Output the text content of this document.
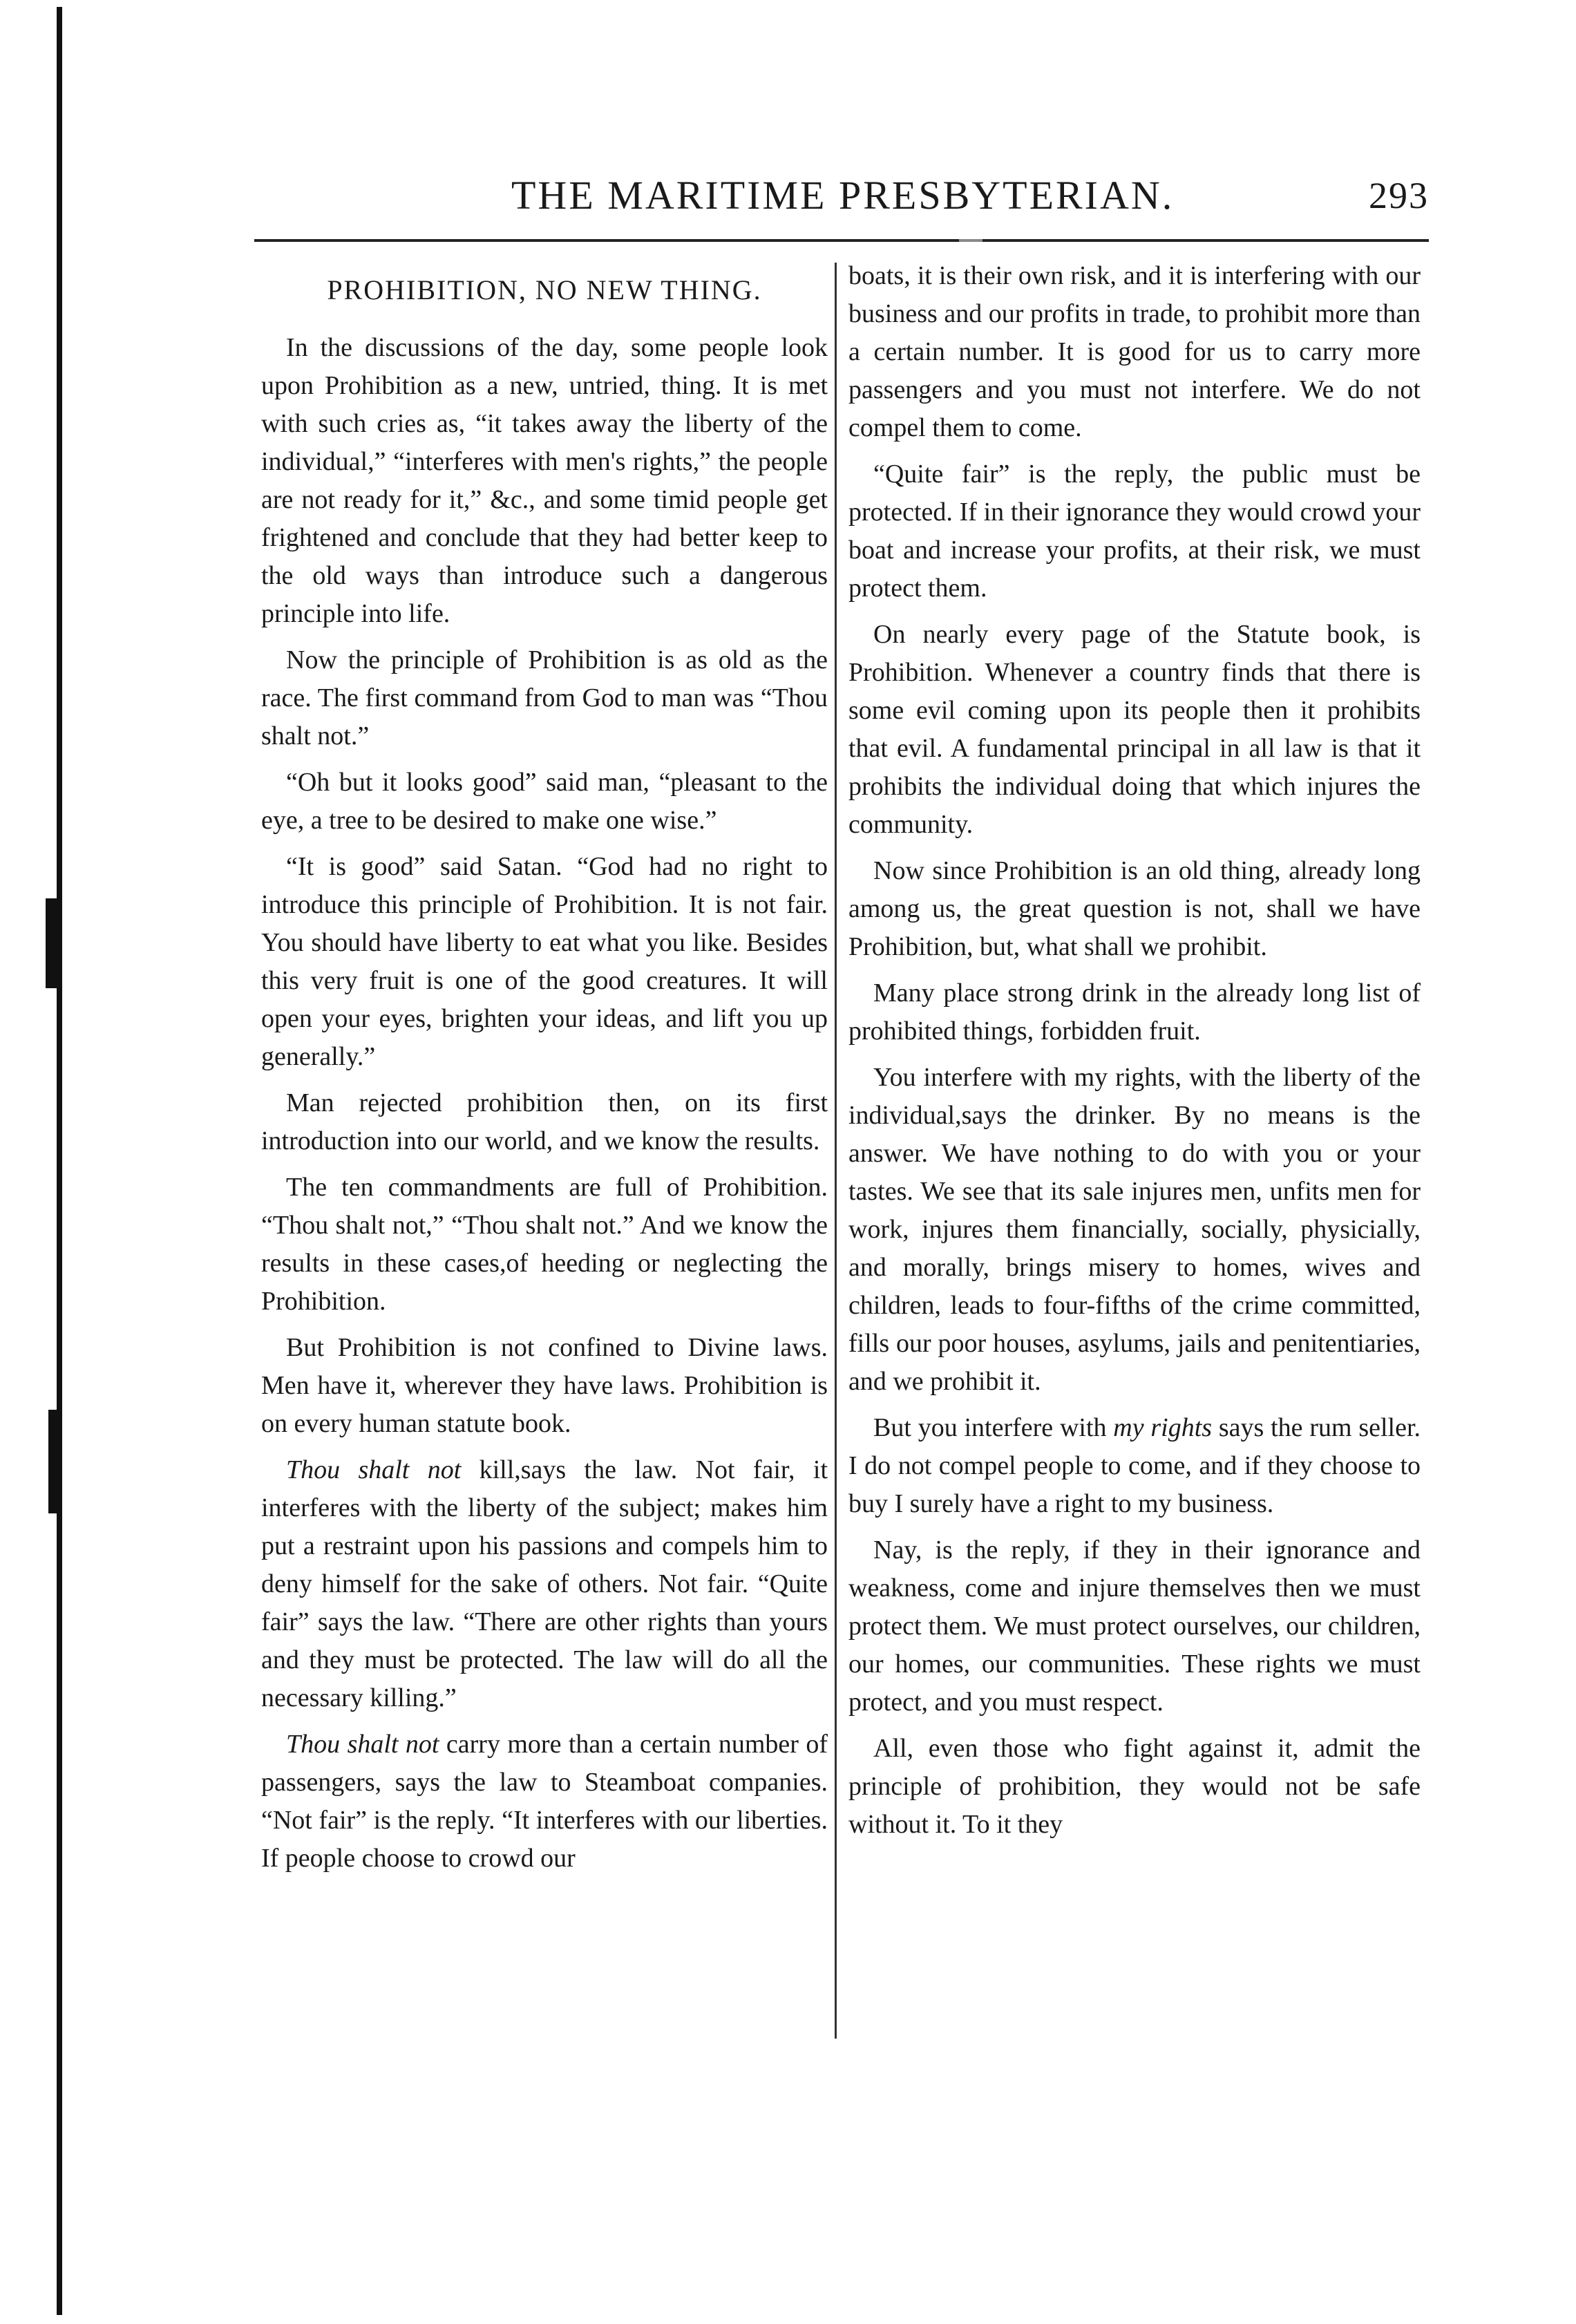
THE MARITIME PRESBYTERIAN.	293
PROHIBITION, NO NEW THING.

In the discussions of the day, some people look upon Prohibition as a new, untried, thing. It is met with such cries as, “it takes away the liberty of the individual,” “interferes with men's rights,” the people are not ready for it,” &c., and some timid people get frightened and conclude that they had better keep to the old ways than introduce such a dangerous principle into life.

Now the principle of Prohibition is as old as the race. The first command from God to man was “Thou shalt not.”

“Oh but it looks good” said man, “pleasant to the eye, a tree to be desired to make one wise.”

“It is good” said Satan. “God had no right to introduce this principle of Prohibition. It is not fair. You should have liberty to eat what you like. Besides this very fruit is one of the good creatures. It will open your eyes, brighten your ideas, and lift you up generally.”

Man rejected prohibition then, on its first introduction into our world, and we know the results.

The ten commandments are full of Prohibition. “Thou shalt not,” “Thou shalt not.” And we know the results in these cases,of heeding or neglecting the Prohibition.

But Prohibition is not confined to Divine laws. Men have it, wherever they have laws. Prohibition is on every human statute book.

Thou shalt not kill,says the law. Not fair, it interferes with the liberty of the subject; makes him put a restraint upon his passions and compels him to deny himself for the sake of others. Not fair. “Quite fair” says the law. “There are other rights than yours and they must be protected. The law will do all the necessary killing.”

Thou shalt not carry more than a certain number of passengers, says the law to Steamboat companies. “Not fair” is the reply. “It interferes with our liberties. If people choose to crowd our

boats, it is their own risk, and it is interfering with our business and our profits in trade, to prohibit more than a certain number. It is good for us to carry more passengers and you must not interfere. We do not compel them to come.

“Quite fair” is the reply, the public must be protected. If in their ignorance they would crowd your boat and increase your profits, at their risk, we must protect them.

On nearly every page of the Statute book, is Prohibition. Whenever a country finds that there is some evil coming upon its people then it prohibits that evil. A fundamental principal in all law is that it prohibits the individual doing that which injures the community.

Now since Prohibition is an old thing, already long among us, the great question is not, shall we have Prohibition, but, what shall we prohibit.

Many place strong drink in the already long list of prohibited things, forbidden fruit.

You interfere with my rights, with the liberty of the individual,says the drinker. By no means is the answer. We have nothing to do with you or your tastes. We see that its sale injures men, unfits men for work, injures them financially, socially, physicially, and morally, brings misery to homes, wives and children, leads to four-fifths of the crime committed, fills our poor houses, asylums, jails and penitentiaries, and we prohibit it.

But you interfere with my rights says the rum seller. I do not compel people to come, and if they choose to buy I surely have a right to my business.

Nay, is the reply, if they in their ignorance and weakness, come and injure themselves then we must protect them. We must protect ourselves, our children, our homes, our communities. These rights we must protect, and you must respect.

All, even those who fight against it, admit the principle of prohibition, they would not be safe without it. To it they
